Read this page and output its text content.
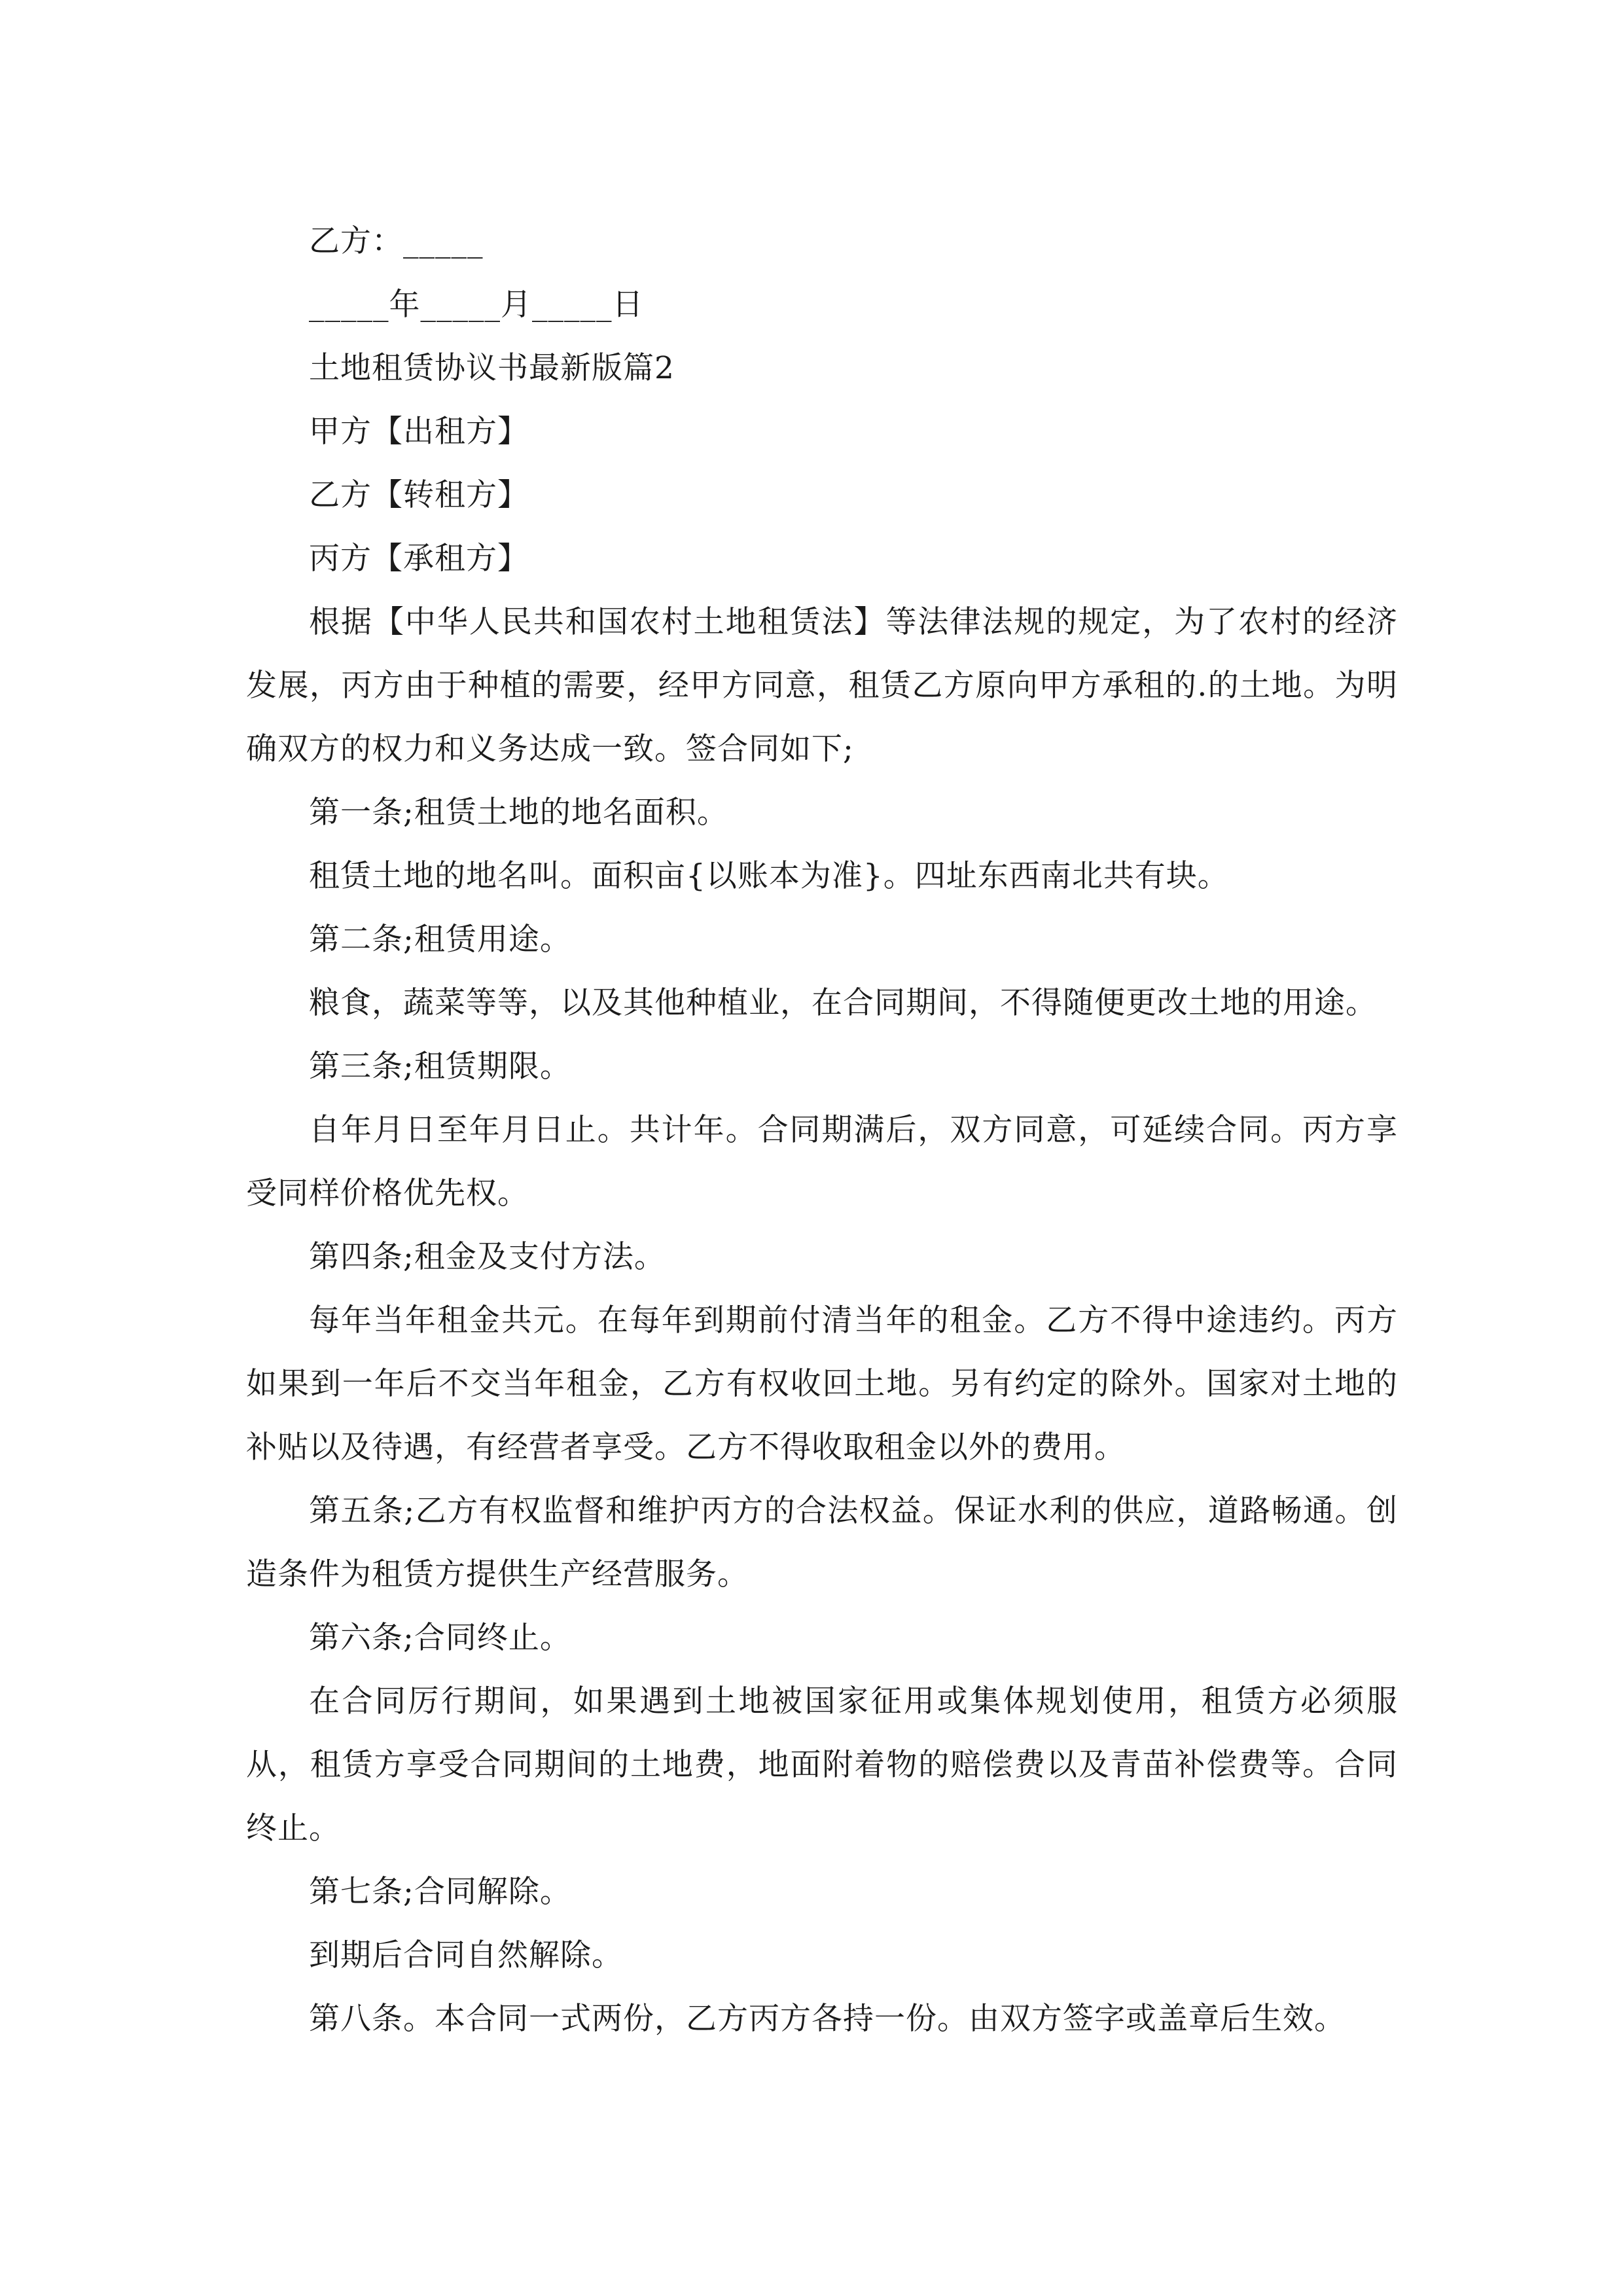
乙方：_____

_____年_____月_____日

土地租赁协议书最新版篇2

甲方【出租方】

乙方【转租方】

丙方【承租方】

根据【中华人民共和国农村土地租赁法】等法律法规的规定，为了农村的经济发展，丙方由于种植的需要，经甲方同意，租赁乙方原向甲方承租的.的土地。为明确双方的权力和义务达成一致。签合同如下;

第一条;租赁土地的地名面积。

租赁土地的地名叫。面积亩{以账本为准}。四址东西南北共有块。

第二条;租赁用途。

粮食，蔬菜等等，以及其他种植业，在合同期间，不得随便更改土地的用途。

第三条;租赁期限。

自年月日至年月日止。共计年。合同期满后，双方同意，可延续合同。丙方享受同样价格优先权。

第四条;租金及支付方法。

每年当年租金共元。在每年到期前付清当年的租金。乙方不得中途违约。丙方如果到一年后不交当年租金，乙方有权收回土地。另有约定的除外。国家对土地的补贴以及待遇，有经营者享受。乙方不得收取租金以外的费用。

第五条;乙方有权监督和维护丙方的合法权益。保证水利的供应，道路畅通。创造条件为租赁方提供生产经营服务。

第六条;合同终止。

在合同厉行期间，如果遇到土地被国家征用或集体规划使用，租赁方必须服从，租赁方享受合同期间的土地费，地面附着物的赔偿费以及青苗补偿费等。合同终止。

第七条;合同解除。

到期后合同自然解除。

第八条。本合同一式两份，乙方丙方各持一份。由双方签字或盖章后生效。
